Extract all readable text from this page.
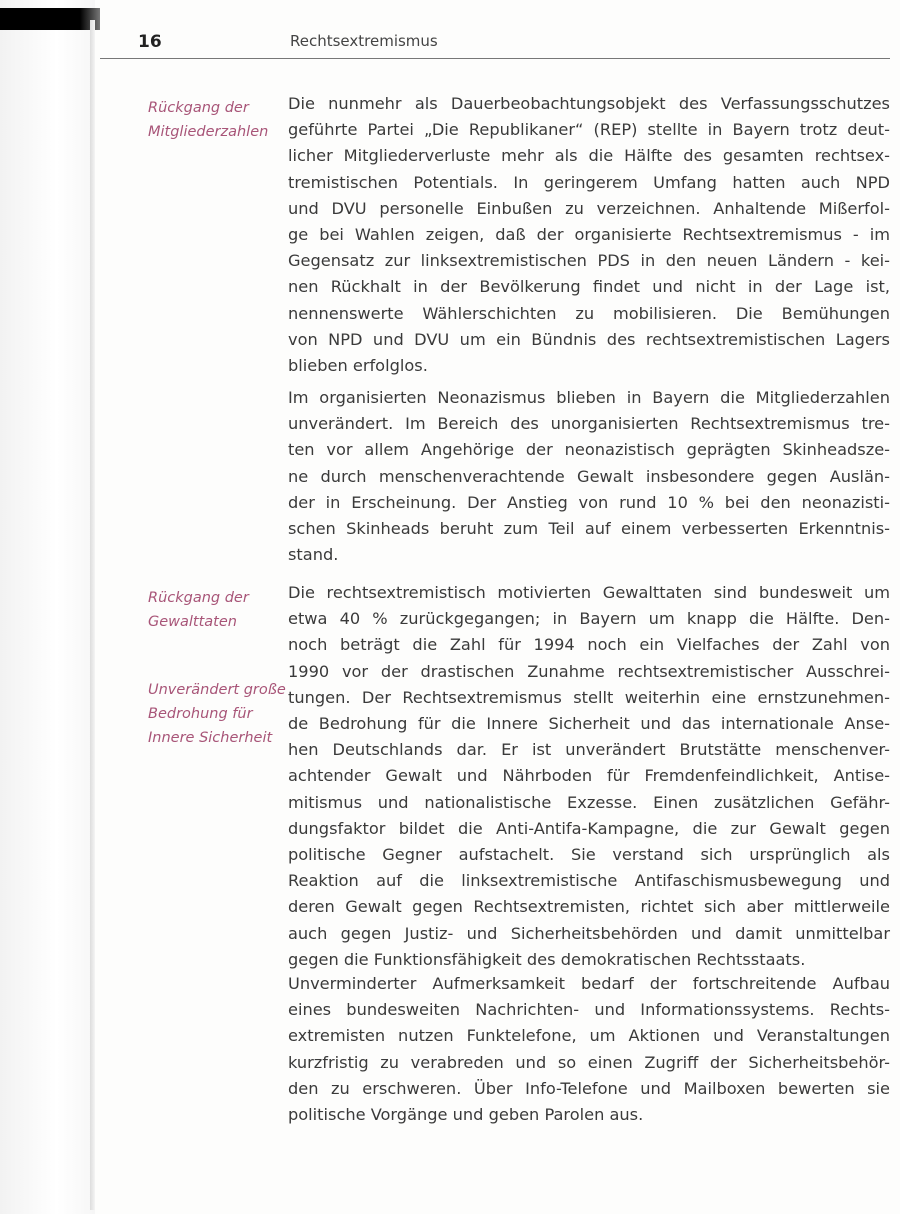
16	Rechtsextremismus
Rückgang der
Mitgliederzahlen
Rückgang der
Gewalttaten
Unverändert große
Bedrohung für
Innere Sicherheit
Die nunmehr als Dauerbeobachtungsobjekt des Verfassungsschutzes
geführte Partei „Die Republikaner“ (REP) stellte in Bayern trotz deut-
licher Mitgliederverluste mehr als die Hälfte des gesamten rechtsex-
tremistischen Potentials. In geringerem Umfang hatten auch NPD
und DVU personelle Einbußen zu verzeichnen. Anhaltende Mißerfol-
ge bei Wahlen zeigen, daß der organisierte Rechtsextremismus - im
Gegensatz zur linksextremistischen PDS in den neuen Ländern - kei-
nen Rückhalt in der Bevölkerung findet und nicht in der Lage ist,
nennenswerte Wählerschichten zu mobilisieren. Die Bemühungen
von NPD und DVU um ein Bündnis des rechtsextremistischen Lagers
blieben erfolglos.
Im organisierten Neonazismus blieben in Bayern die Mitgliederzahlen
unverändert. Im Bereich des unorganisierten Rechtsextremismus tre-
ten vor allem Angehörige der neonazistisch geprägten Skinheadsze-
ne durch menschenverachtende Gewalt insbesondere gegen Auslän-
der in Erscheinung. Der Anstieg von rund 10 % bei den neonazisti-
schen Skinheads beruht zum Teil auf einem verbesserten Erkenntnis-
stand.
Die rechtsextremistisch motivierten Gewalttaten sind bundesweit um
etwa 40 % zurückgegangen; in Bayern um knapp die Hälfte. Den-
noch beträgt die Zahl für 1994 noch ein Vielfaches der Zahl von
1990 vor der drastischen Zunahme rechtsextremistischer Ausschrei-
tungen. Der Rechtsextremismus stellt weiterhin eine ernstzunehmen-
de Bedrohung für die Innere Sicherheit und das internationale Anse-
hen Deutschlands dar. Er ist unverändert Brutstätte menschenver-
achtender Gewalt und Nährboden für Fremdenfeindlichkeit, Antise-
mitismus und nationalistische Exzesse. Einen zusätzlichen Gefähr-
dungsfaktor bildet die Anti-Antifa-Kampagne, die zur Gewalt gegen
politische Gegner aufstachelt. Sie verstand sich ursprünglich als
Reaktion auf die linksextremistische Antifaschismusbewegung und
deren Gewalt gegen Rechtsextremisten, richtet sich aber mittlerweile
auch gegen Justiz- und Sicherheitsbehörden und damit unmittelbar
gegen die Funktionsfähigkeit des demokratischen Rechtsstaats.
Unverminderter Aufmerksamkeit bedarf der fortschreitende Aufbau
eines bundesweiten Nachrichten- und Informationssystems. Rechts-
extremisten nutzen Funktelefone, um Aktionen und Veranstaltungen
kurzfristig zu verabreden und so einen Zugriff der Sicherheitsbehör-
den zu erschweren. Über Info-Telefone und Mailboxen bewerten sie
politische Vorgänge und geben Parolen aus.
